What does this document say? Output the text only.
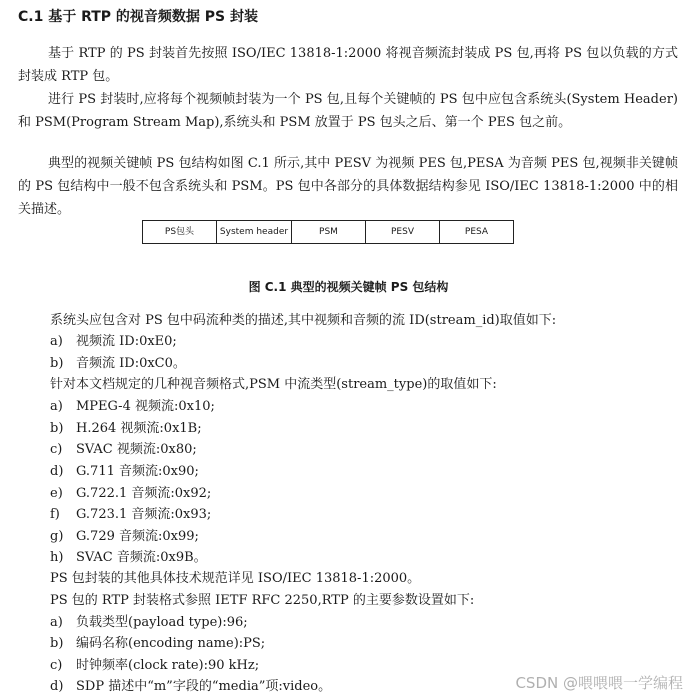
C.1 基于 RTP 的视音频数据 PS 封装

基于 RTP 的 PS 封装首先按照 ISO/IEC 13818-1:2000 将视音频流封装成 PS 包,再将 PS 包以负载的方式封装成 RTP 包。

进行 PS 封装时,应将每个视频帧封装为一个 PS 包,且每个关键帧的 PS 包中应包含系统头(System Header)和 PSM(Program Stream Map),系统头和 PSM 放置于 PS 包头之后、第一个 PES 包之前。

典型的视频关键帧 PS 包结构如图 C.1 所示,其中 PESV 为视频 PES 包,PESA 为音频 PES 包,视频非关键帧的 PS 包结构中一般不包含系统头和 PSM。PS 包中各部分的具体数据结构参见 ISO/IEC 13818-1:2000 中的相关描述。

PS包头	System header	PSM	PESV	PESA
图 C.1 典型的视频关键帧 PS 包结构
系统头应包含对 PS 包中码流种类的描述,其中视频和音频的流 ID(stream_id)取值如下:
a) 视频流 ID:0xE0;
b) 音频流 ID:0xC0。
针对本文档规定的几种视音频格式,PSM 中流类型(stream_type)的取值如下:
a) MPEG-4 视频流:0x10;
b) H.264 视频流:0x1B;
c) SVAC 视频流:0x80;
d) G.711 音频流:0x90;
e) G.722.1 音频流:0x92;
f) G.723.1 音频流:0x93;
g) G.729 音频流:0x99;
h) SVAC 音频流:0x9B。
PS 包封装的其他具体技术规范详见 ISO/IEC 13818-1:2000。
PS 包的 RTP 封装格式参照 IETF RFC 2250,RTP 的主要参数设置如下:
a) 负载类型(payload type):96;
b) 编码名称(encoding name):PS;
c) 时钟频率(clock rate):90 kHz;
d) SDP 描述中“m”字段的“media”项:video。	CSDN @喂喂喂一学编程
